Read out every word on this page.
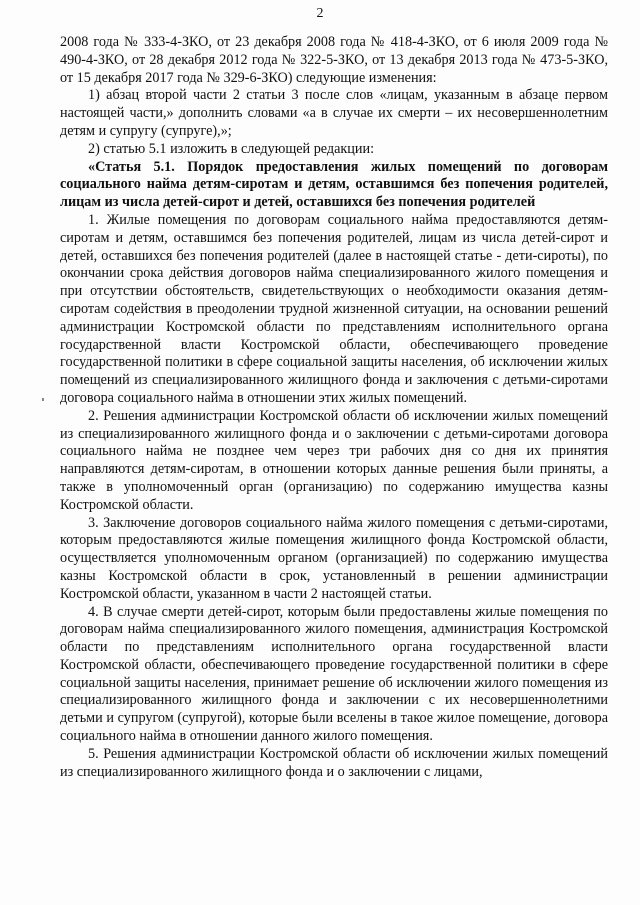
2

2008 года № 333-4-ЗКО, от 23 декабря 2008 года № 418-4-ЗКО, от 6 июля 2009 года № 490-4-ЗКО, от 28 декабря 2012 года № 322-5-ЗКО, от 13 декабря 2013 года № 473-5-ЗКО, от 15 декабря 2017 года № 329-6-ЗКО) следующие изменения:

1) абзац второй части 2 статьи 3 после слов «лицам, указанным в абзаце первом настоящей части,» дополнить словами «а в случае их смерти – их несовершеннолетним детям и супругу (супруге),»;

2) статью 5.1 изложить в следующей редакции:

«Статья 5.1. Порядок предоставления жилых помещений по договорам социального найма детям-сиротам и детям, оставшимся без попечения родителей, лицам из числа детей-сирот и детей, оставшихся без попечения родителей

1. Жилые помещения по договорам социального найма предоставляются детям-сиротам и детям, оставшимся без попечения родителей, лицам из числа детей-сирот и детей, оставшихся без попечения родителей (далее в настоящей статье - дети-сироты), по окончании срока действия договоров найма специализированного жилого помещения и при отсутствии обстоятельств, свидетельствующих о необходимости оказания детям-сиротам содействия в преодолении трудной жизненной ситуации, на основании решений администрации Костромской области по представлениям исполнительного органа государственной власти Костромской области, обеспечивающего проведение государственной политики в сфере социальной защиты населения, об исключении жилых помещений из специализированного жилищного фонда и заключения с детьми-сиротами договора социального найма в отношении этих жилых помещений.

2. Решения администрации Костромской области об исключении жилых помещений из специализированного жилищного фонда и о заключении с детьми-сиротами договора социального найма не позднее чем через три рабочих дня со дня их принятия направляются детям-сиротам, в отношении которых данные решения были приняты, а также в уполномоченный орган (организацию) по содержанию имущества казны Костромской области.

3. Заключение договоров социального найма жилого помещения с детьми-сиротами, которым предоставляются жилые помещения жилищного фонда Костромской области, осуществляется уполномоченным органом (организацией) по содержанию имущества казны Костромской области в срок, установленный в решении администрации Костромской области, указанном в части 2 настоящей статьи.

4. В случае смерти детей-сирот, которым были предоставлены жилые помещения по договорам найма специализированного жилого помещения, администрация Костромской области по представлениям исполнительного органа государственной власти Костромской области, обеспечивающего проведение государственной политики в сфере социальной защиты населения, принимает решение об исключении жилого помещения из специализированного жилищного фонда и заключении с их несовершеннолетними детьми и супругом (супругой), которые были вселены в такое жилое помещение, договора социального найма в отношении данного жилого помещения.

5. Решения администрации Костромской области об исключении жилых помещений из специализированного жилищного фонда и о заключении с лицами,
